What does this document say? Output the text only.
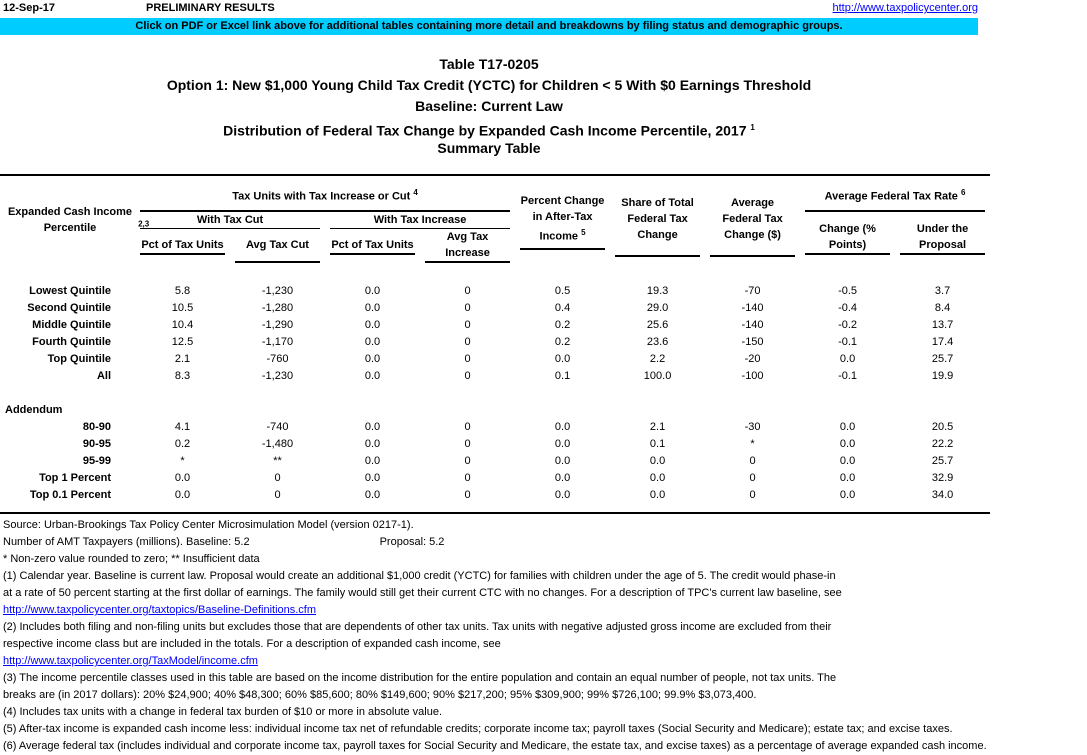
12-Sep-17	PRELIMINARY RESULTS	http://www.taxpolicycenter.org
Click on PDF or Excel link above for additional tables containing more detail and breakdowns by filing status and demographic groups.
Table T17-0205
Option 1: New $1,000 Young Child Tax Credit (YCTC) for Children < 5 With $0 Earnings Threshold
Baseline: Current Law
Distribution of Federal Tax Change by Expanded Cash Income Percentile, 2017 $^1$
Summary Table
Expanded Cash Income Percentile $^{2,3}$	Tax Units with Tax Increase or Cut $^4$				Percent Change in After-Tax Income $^5$	Share of Total Federal Tax Change	Average Federal Tax Change ($)	Average Federal Tax Rate $^6$

	With Tax Cut		With Tax Increase					Change (% Points)	Under the Proposal

	Pct of Tax Units	Avg Tax Cut	Pct of Tax Units	Avg Tax Increase					

Lowest Quintile	5.8	-1,230	0.0	0	0.5	19.3	-70	-0.5	3.7
Second Quintile	10.5	-1,280	0.0	0	0.4	29.0	-140	-0.4	8.4
Middle Quintile	10.4	-1,290	0.0	0	0.2	25.6	-140	-0.2	13.7
Fourth Quintile	12.5	-1,170	0.0	0	0.2	23.6	-150	-0.1	17.4
Top Quintile	2.1	-760	0.0	0	0.0	2.2	-20	0.0	25.7
All	8.3	-1,230	0.0	0	0.1	100.0	-100	-0.1	19.9

Addendum									
80-90	4.1	-740	0.0	0	0.0	2.1	-30	0.0	20.5
90-95	0.2	-1,480	0.0	0	0.0	0.1	*	0.0	22.2
95-99	*	**	0.0	0	0.0	0.0	0	0.0	25.7
Top 1 Percent	0.0	0	0.0	0	0.0	0.0	0	0.0	32.9
Top 0.1 Percent	0.0	0	0.0	0	0.0	0.0	0	0.0	34.0

Source: Urban-Brookings Tax Policy Center Microsimulation Model (version 0217-1).
Number of AMT Taxpayers (millions). Baseline: 5.2	Proposal: 5.2
* Non-zero value rounded to zero; ** Insufficient data
(1) Calendar year. Baseline is current law. Proposal would create an additional $1,000 credit (YCTC) for families with children under the age of 5. The credit would phase-in
at a rate of 50 percent starting at the first dollar of earnings. The family would still get their current CTC with no changes. For a description of TPC's current law baseline, see
http://www.taxpolicycenter.org/taxtopics/Baseline-Definitions.cfm
(2) Includes both filing and non-filing units but excludes those that are dependents of other tax units. Tax units with negative adjusted gross income are excluded from their
respective income class but are included in the totals. For a description of expanded cash income, see
http://www.taxpolicycenter.org/TaxModel/income.cfm
(3) The income percentile classes used in this table are based on the income distribution for the entire population and contain an equal number of people, not tax units. The
breaks are (in 2017 dollars): 20% $24,900; 40% $48,300; 60% $85,600; 80% $149,600; 90% $217,200; 95% $309,900; 99% $726,100; 99.9% $3,073,400.
(4) Includes tax units with a change in federal tax burden of $10 or more in absolute value.
(5) After-tax income is expanded cash income less: individual income tax net of refundable credits; corporate income tax; payroll taxes (Social Security and Medicare); estate tax; and excise taxes.
(6) Average federal tax (includes individual and corporate income tax, payroll taxes for Social Security and Medicare, the estate tax, and excise taxes) as a percentage of average expanded cash income.
